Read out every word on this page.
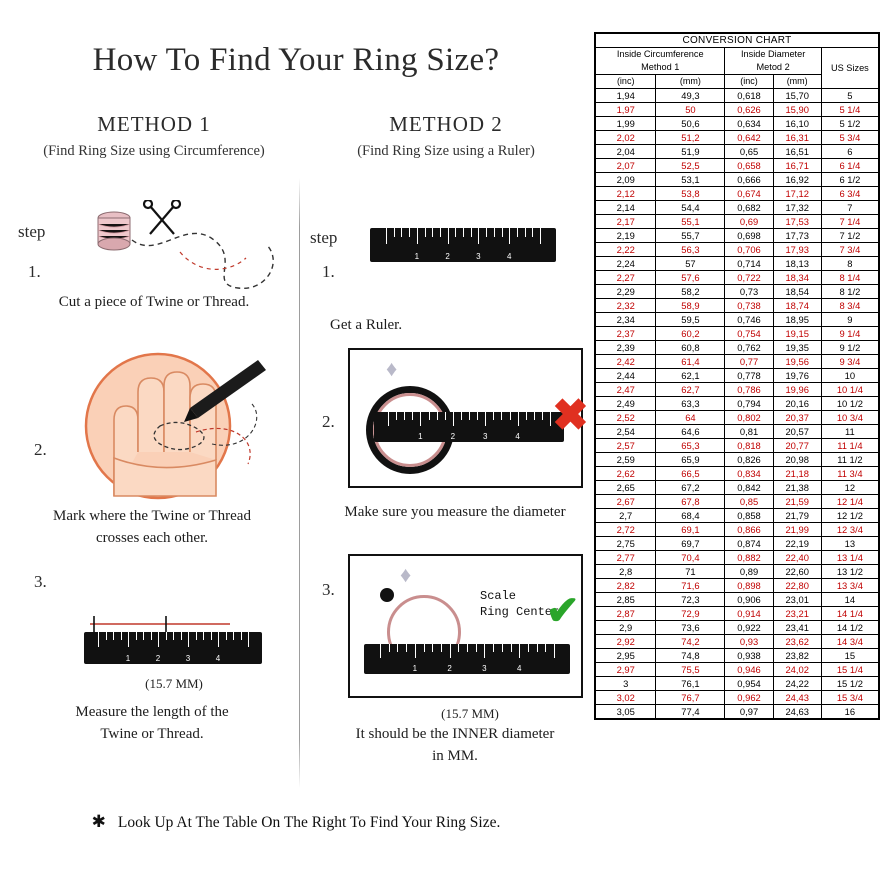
How To Find Your Ring Size?
METHOD 1
(Find Ring Size using Circumference)
step
1.
Cut a piece of Twine or Thread.
2.
Mark where the Twine or Thread
crosses each other.
3.
1	2	3	4
(15.7 MM)
Measure the length of the
Twine or Thread.
METHOD 2
(Find Ring Size using a Ruler)
step
1.
1	2	3	4
Get a Ruler.
2.
♦
1	2	3	4 ✖
Make sure you measure the diameter
3.
♦
1	2	3	4
Scale
Ring Center
✔
(15.7 MM)
It should be the INNER diameter
in MM.
✱ Look Up At The Table On The Right To Find Your Ring Size.
CONVERSION CHART				
Inside Circumference
Method 1		Inside Diameter
Metod 2		US Sizes
(inc)	(mm)	(inc)	(mm)	
1,94	49,3	0,618	15,70	5
1,97	50	0,626	15,90	5 1/4
1,99	50,6	0,634	16,10	5 1/2
2,02	51,2	0,642	16,31	5 3/4
2,04	51,9	0,65	16,51	6
2,07	52,5	0,658	16,71	6 1/4
2,09	53,1	0,666	16,92	6 1/2
2,12	53,8	0,674	17,12	6 3/4
2,14	54,4	0,682	17,32	7
2,17	55,1	0,69	17,53	7 1/4
2,19	55,7	0,698	17,73	7 1/2
2,22	56,3	0,706	17,93	7 3/4
2,24	57	0,714	18,13	8
2,27	57,6	0,722	18,34	8 1/4
2,29	58,2	0,73	18,54	8 1/2
2,32	58,9	0,738	18,74	8 3/4
2,34	59,5	0,746	18,95	9
2,37	60,2	0,754	19,15	9 1/4
2,39	60,8	0,762	19,35	9 1/2
2,42	61,4	0,77	19,56	9 3/4
2,44	62,1	0,778	19,76	10
2,47	62,7	0,786	19,96	10 1/4
2,49	63,3	0,794	20,16	10 1/2
2,52	64	0,802	20,37	10 3/4
2,54	64,6	0,81	20,57	11
2,57	65,3	0,818	20,77	11 1/4
2,59	65,9	0,826	20,98	11 1/2
2,62	66,5	0,834	21,18	11 3/4
2,65	67,2	0,842	21,38	12
2,67	67,8	0,85	21,59	12 1/4
2,7	68,4	0,858	21,79	12 1/2
2,72	69,1	0,866	21,99	12 3/4
2,75	69,7	0,874	22,19	13
2,77	70,4	0,882	22,40	13 1/4
2,8	71	0,89	22,60	13 1/2
2,82	71,6	0,898	22,80	13 3/4
2,85	72,3	0,906	23,01	14
2,87	72,9	0,914	23,21	14 1/4
2,9	73,6	0,922	23,41	14 1/2
2,92	74,2	0,93	23,62	14 3/4
2,95	74,8	0,938	23,82	15
2,97	75,5	0,946	24,02	15 1/4
3	76,1	0,954	24,22	15 1/2
3,02	76,7	0,962	24,43	15 3/4
3,05	77,4	0,97	24,63	16
